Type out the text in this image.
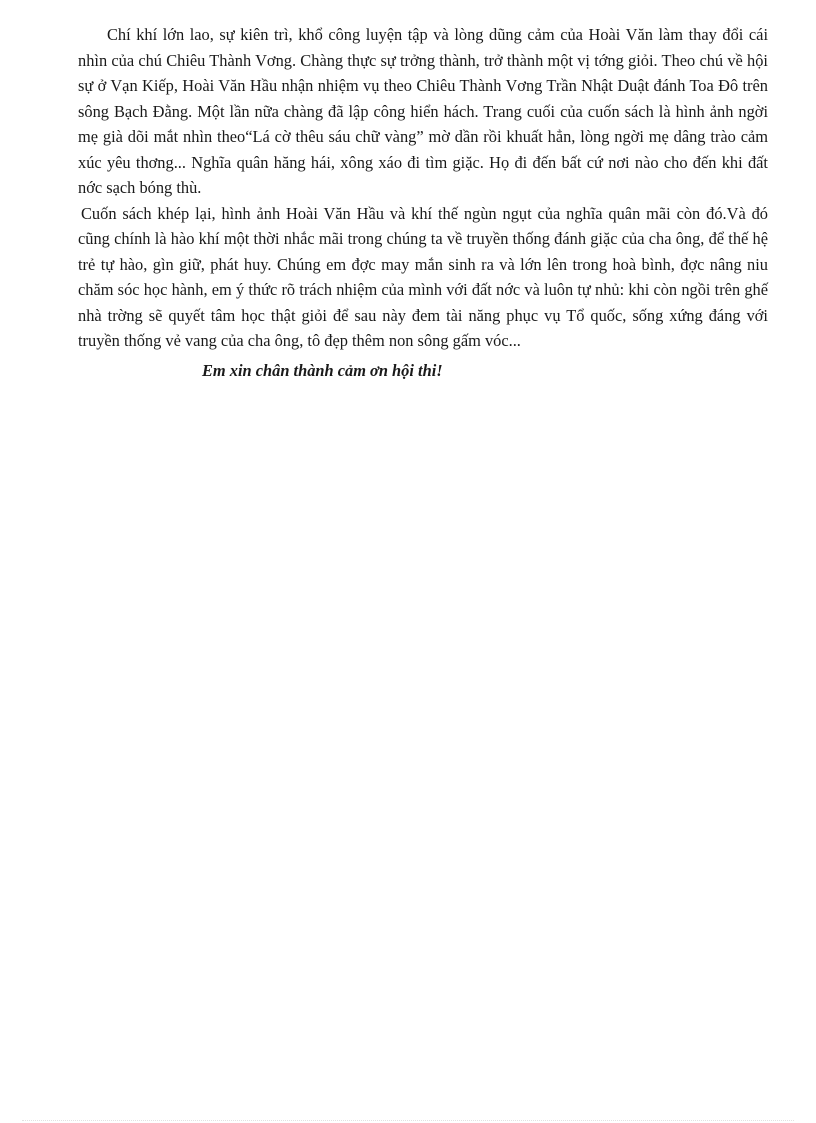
Chí khí lớn lao, sự kiên trì, khổ công luyện tập và lòng dũng cảm của Hoài Văn làm thay đổi cái nhìn của chú Chiêu Thành Vơng. Chàng thực sự trởng thành, trở thành một vị tớng giỏi. Theo chú về hội sự ở Vạn Kiếp, Hoài Văn Hầu nhận nhiệm vụ theo Chiêu Thành Vơng Trần Nhật Duật đánh Toa Đô trên sông Bạch Đằng. Một lần nữa chàng đã lập công hiển hách. Trang cuối của cuốn sách là hình ảnh ngời mẹ già dõi mắt nhìn theo“Lá cờ thêu sáu chữ vàng” mờ dần rồi khuất hẳn, lòng ngời mẹ dâng trào cảm xúc yêu thơng... Nghĩa quân hăng hái, xông xáo đi tìm giặc. Họ đi đến bất cứ nơi nào cho đến khi đất nớc sạch bóng thù.

Cuốn sách khép lại, hình ảnh Hoài Văn Hầu và khí thế ngùn ngụt của nghĩa quân mãi còn đó.Và đó cũng chính là hào khí một thời nhắc mãi trong chúng ta về truyền thống đánh giặc của cha ông, để thế hệ trẻ tự hào, gìn giữ, phát huy. Chúng em đợc may mắn sinh ra và lớn lên trong hoà bình, đợc nâng niu chăm sóc học hành, em ý thức rõ trách nhiệm của mình với đất nớc và luôn tự nhủ: khi còn ngồi trên ghế nhà trờng sẽ quyết tâm học thật giỏi để sau này đem tài năng phục vụ Tổ quốc, sống xứng đáng với truyền thống vẻ vang của cha ông, tô đẹp thêm non sông gấm vóc...

Em xin chân thành cảm ơn hội thi!
